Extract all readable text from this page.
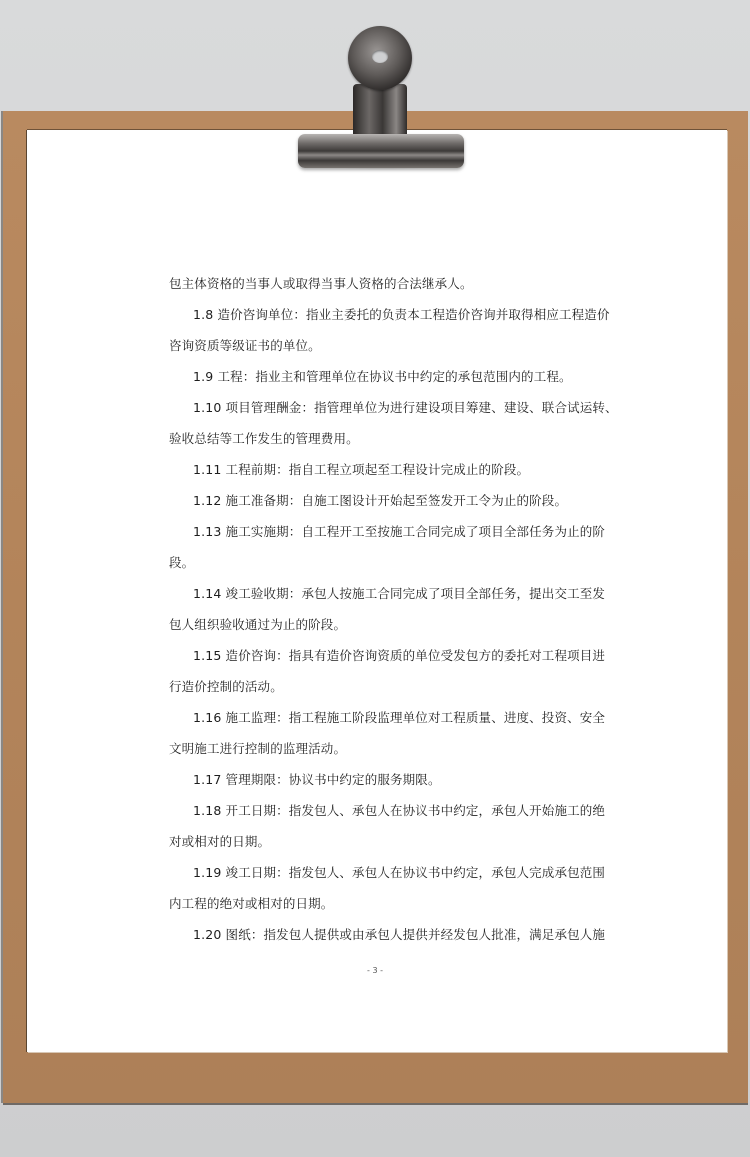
包主体资格的当事人或取得当事人资格的合法继承人。
1.8 造价咨询单位：指业主委托的负责本工程造价咨询并取得相应工程造价
咨询资质等级证书的单位。
1.9 工程：指业主和管理单位在协议书中约定的承包范围内的工程。
1.10 项目管理酬金：指管理单位为进行建设项目筹建、建设、联合试运转、
验收总结等工作发生的管理费用。
1.11 工程前期：指自工程立项起至工程设计完成止的阶段。
1.12 施工准备期：自施工图设计开始起至签发开工令为止的阶段。
1.13 施工实施期：自工程开工至按施工合同完成了项目全部任务为止的阶
段。
1.14 竣工验收期：承包人按施工合同完成了项目全部任务，提出交工至发
包人组织验收通过为止的阶段。
1.15 造价咨询：指具有造价咨询资质的单位受发包方的委托对工程项目进
行造价控制的活动。
1.16 施工监理：指工程施工阶段监理单位对工程质量、进度、投资、安全
文明施工进行控制的监理活动。
1.17 管理期限：协议书中约定的服务期限。
1.18 开工日期：指发包人、承包人在协议书中约定，承包人开始施工的绝
对或相对的日期。
1.19 竣工日期：指发包人、承包人在协议书中约定，承包人完成承包范围
内工程的绝对或相对的日期。
1.20 图纸：指发包人提供或由承包人提供并经发包人批准，满足承包人施
- 3 -
